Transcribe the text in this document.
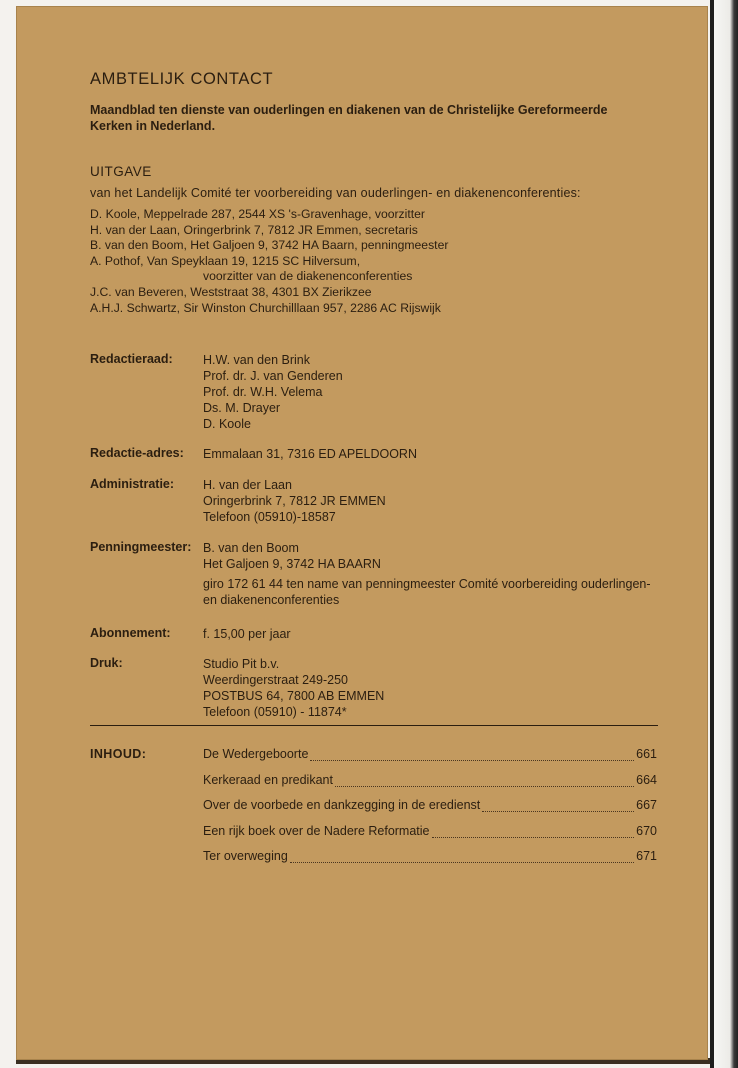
AMBTELIJK CONTACT
Maandblad ten dienste van ouderlingen en diakenen van de Christelijke Gereformeerde Kerken in Nederland.
UITGAVE
van het Landelijk Comité ter voorbereiding van ouderlingen- en diakenenconferenties:
D. Koole, Meppelrade 287, 2544 XS 's-Gravenhage, voorzitter
H. van der Laan, Oringerbrink 7, 7812 JR Emmen, secretaris
B. van den Boom, Het Galjoen 9, 3742 HA Baarn, penningmeester
A. Pothof, Van Speyklaan 19, 1215 SC Hilversum,
voorzitter van de diakenenconferenties
J.C. van Beveren, Weststraat 38, 4301 BX Zierikzee
A.H.J. Schwartz, Sir Winston Churchilllaan 957, 2286 AC Rijswijk
Redactieraad:	H.W. van den Brink
Prof. dr. J. van Genderen
Prof. dr. W.H. Velema
Ds. M. Drayer
D. Koole
Redactie-adres:	Emmalaan 31, 7316 ED APELDOORN
Administratie:	H. van der Laan
Oringerbrink 7, 7812 JR EMMEN
Telefoon (05910)-18587
Penningmeester: B. van den Boom
Het Galjoen 9, 3742 HA BAARN
giro 172 61 44 ten name van penningmeester Comité voorbereiding ouderlingen- en diakenenconferenties
Abonnement:	f. 15,00 per jaar
Druk:	Studio Pit b.v.
Weerdingerstraat 249-250
POSTBUS 64, 7800 AB EMMEN
Telefoon (05910) - 11874*
INHOUD:	De Wedergeboorte	661
Kerkeraad en predikant	664
Over de voorbede en dankzegging in de eredienst	667
Een rijk boek over de Nadere Reformatie	670
Ter overweging	671
